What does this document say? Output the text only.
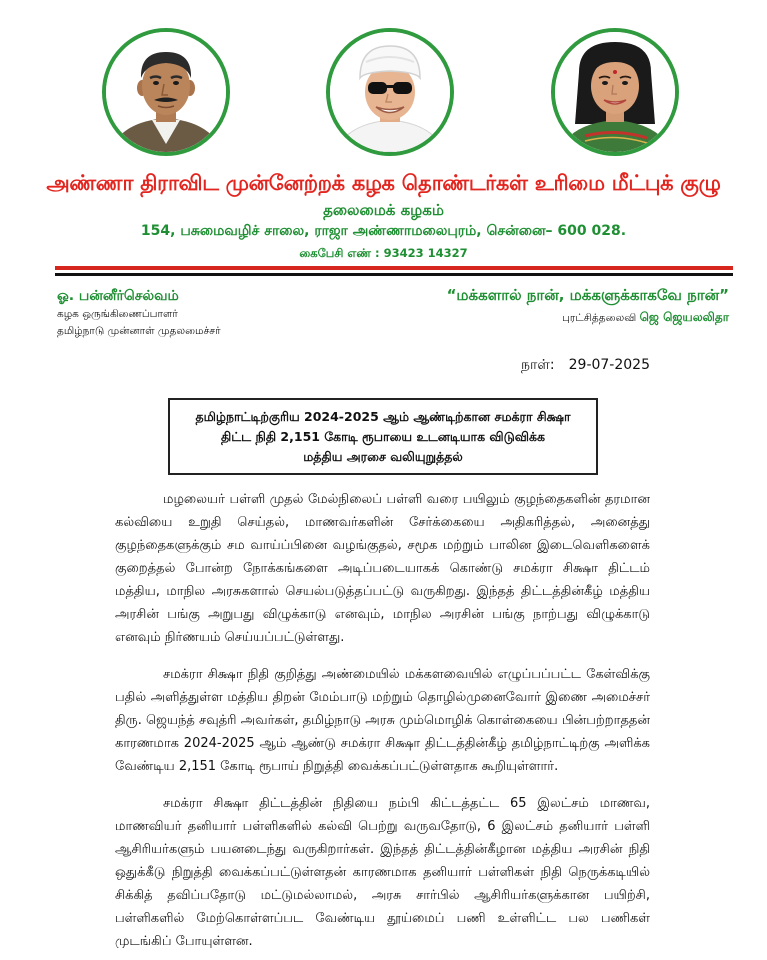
அண்ணா திராவிட முன்னேற்றக் கழக தொண்டர்கள் உரிமை மீட்புக் குழு
தலைமைக் கழகம்
154, பசுமைவழிச் சாலை, ராஜா அண்ணாமலைபுரம், சென்னை– 600 028.
கைபேசி எண் : 93423 14327
ஓ. பன்னீர்செல்வம்
கழக ஒருங்கிணைப்பாளர்
தமிழ்நாடு முன்னாள் முதலமைச்சர்
“மக்களால் நான், மக்களுக்காகவே நான்”
புரட்சித்தலைவி ஜெ ஜெயலலிதா
நாள்: 29-07-2025
தமிழ்நாட்டிற்குரிய 2024-2025 ஆம் ஆண்டிற்கான சமக்ரா சிக்ஷா
திட்ட நிதி 2,151 கோடி ரூபாயை உடனடியாக விடுவிக்க
மத்திய அரசை வலியுறுத்தல்

மழலையர் பள்ளி முதல் மேல்நிலைப் பள்ளி வரை பயிலும் குழந்தைகளின் தரமான கல்வியை உறுதி செய்தல், மாணவர்களின் சேர்க்கையை அதிகரித்தல், அனைத்து குழந்தைகளுக்கும் சம வாய்ப்பினை வழங்குதல், சமூக மற்றும் பாலின இடைவெளிகளைக் குறைத்தல் போன்ற நோக்கங்களை அடிப்படையாகக் கொண்டு சமக்ரா சிக்ஷா திட்டம் மத்திய, மாநில அரசுகளால் செயல்படுத்தப்பட்டு வருகிறது. இந்தத் திட்டத்தின்கீழ் மத்திய அரசின் பங்கு அறுபது விழுக்காடு எனவும், மாநில அரசின் பங்கு நாற்பது விழுக்காடு எனவும் நிர்ணயம் செய்யப்பட்டுள்ளது.

சமக்ரா சிக்ஷா நிதி குறித்து அண்மையில் மக்களவையில் எழுப்பப்பட்ட கேள்விக்கு பதில் அளித்துள்ள மத்திய திறன் மேம்பாடு மற்றும் தொழில்முனைவோர் இணை அமைச்சர் திரு. ஜெயந்த் சவுத்ரி அவர்கள், தமிழ்நாடு அரசு மும்மொழிக் கொள்கையை பின்பற்றாததன் காரணமாக 2024-2025 ஆம் ஆண்டு சமக்ரா சிக்ஷா திட்டத்தின்கீழ் தமிழ்நாட்டிற்கு அளிக்க வேண்டிய 2,151 கோடி ரூபாய் நிறுத்தி வைக்கப்பட்டுள்ளதாக கூறியுள்ளார்.

சமக்ரா சிக்ஷா திட்டத்தின் நிதியை நம்பி கிட்டத்தட்ட 65 இலட்சம் மாணவ, மாணவியர் தனியார் பள்ளிகளில் கல்வி பெற்று வருவதோடு, 6 இலட்சம் தனியார் பள்ளி ஆசிரியர்களும் பயனடைந்து வருகிறார்கள். இந்தத் திட்டத்தின்கீழான மத்திய அரசின் நிதி ஒதுக்கீடு நிறுத்தி வைக்கப்பட்டுள்ளதன் காரணமாக தனியார் பள்ளிகள் நிதி நெருக்கடியில் சிக்கித் தவிப்பதோடு மட்டுமல்லாமல், அரசு சார்பில் ஆசிரியர்களுக்கான பயிற்சி, பள்ளிகளில் மேற்கொள்ளப்பட வேண்டிய தூய்மைப் பணி உள்ளிட்ட பல பணிகள் முடங்கிப் போயுள்ளன.
